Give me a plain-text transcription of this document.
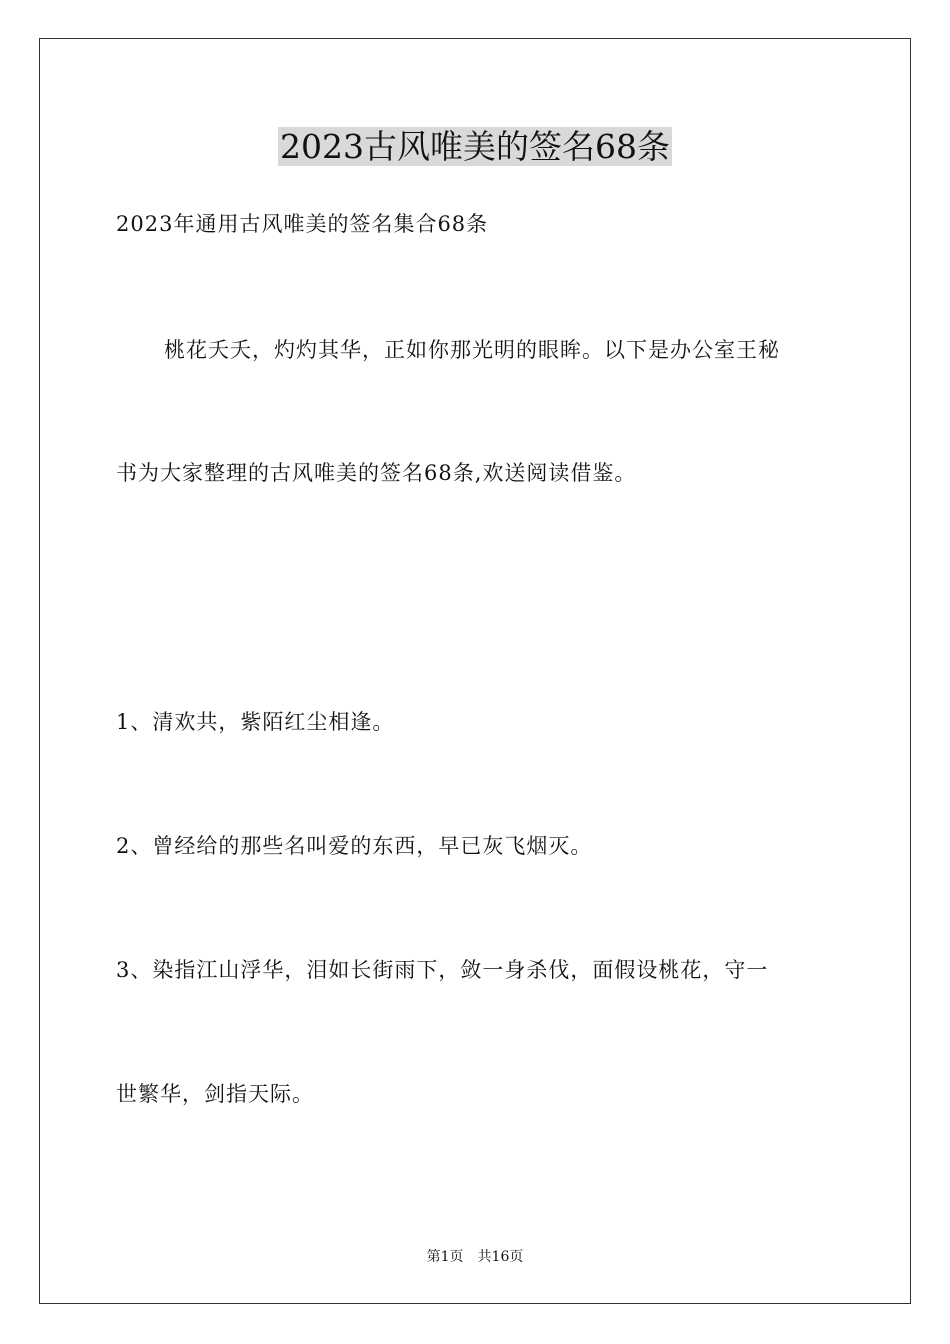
2023古风唯美的签名68条
2023年通用古风唯美的签名集合68条
桃花夭夭，灼灼其华，正如你那光明的眼眸。以下是办公室王秘
书为大家整理的古风唯美的签名68条,欢送阅读借鉴。
1、清欢共，紫陌红尘相逢。
2、曾经给的那些名叫爱的东西，早已灰飞烟灭。
3、染指江山浮华，泪如长街雨下，敛一身杀伐，面假设桃花，守一
世繁华，剑指天际。
第1页 共16页
